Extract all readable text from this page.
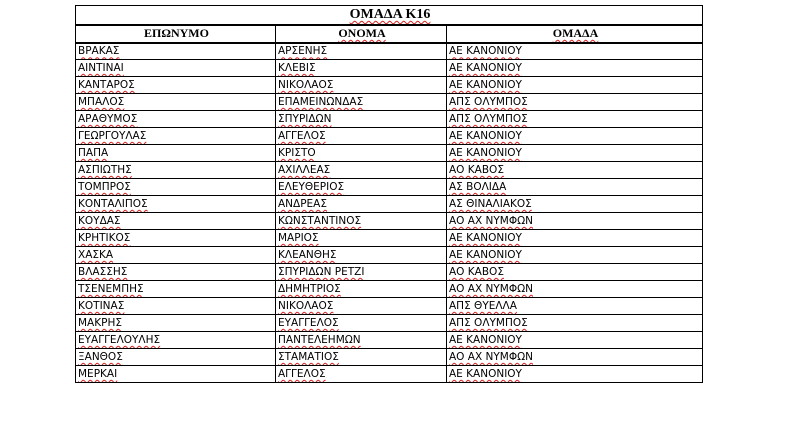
ΟΜΑΔΑ Κ16		
ΕΠΩΝΥΜΟ	ΟΝΟΜΑ	ΟΜΑΔΑ
ΒΡΑΚΑΣ	ΑΡΣΕΝΗΣ	ΑΕ ΚΑΝΟΝΙΟΥ
ΑΙΝΤΙΝΑΙ	ΚΛΕΒΙΣ	ΑΕ ΚΑΝΟΝΙΟΥ
ΚΑΝΤΑΡΟΣ	ΝΙΚΟΛΑΟΣ	ΑΕ ΚΑΝΟΝΙΟΥ
ΜΠΑΛΟΣ	ΕΠΑΜΕΙΝΩΝΔΑΣ	ΑΠΣ ΟΛΥΜΠΟΣ
ΑΡΑΘΥΜΟΣ	ΣΠΥΡΙΔΩΝ	ΑΠΣ ΟΛΥΜΠΟΣ
ΓΕΩΡΓΟΥΛΑΣ	ΑΓΓΕΛΟΣ	ΑΕ ΚΑΝΟΝΙΟΥ
ΠΑΠΑ	ΚΡΙΣΤΟ	ΑΕ ΚΑΝΟΝΙΟΥ
ΑΣΠΙΩΤΗΣ	ΑΧΙΛΛΕΑΣ	ΑΟ ΚΑΒΟΣ
ΤΟΜΠΡΟΣ	ΕΛΕΥΘΕΡΙΟΣ	ΑΣ ΒΟΛΙΔΑ
ΚΟΝΤΑΛΙΠΟΣ	ΑΝΔΡΕΑΣ	ΑΣ ΘΙΝΑΛΙΑΚΟΣ
ΚΟΥΔΑΣ	ΚΩΝΣΤΑΝΤΙΝΟΣ	ΑΟ ΑΧ ΝΥΜΦΩΝ
ΚΡΗΤΙΚΟΣ	ΜΑΡΙΟΣ	ΑΕ ΚΑΝΟΝΙΟΥ
ΧΑΣΚΑ	ΚΛΕΑΝΘΗΣ	ΑΕ ΚΑΝΟΝΙΟΥ
ΒΛΑΣΣΗΣ	ΣΠΥΡΙΔΩΝ ΡΕΤΖΙ	ΑΟ ΚΑΒΟΣ
ΤΣΕΝΕΜΠΗΣ	ΔΗΜΗΤΡΙΟΣ	ΑΟ ΑΧ ΝΥΜΦΩΝ
ΚΟΤΙΝΑΣ	ΝΙΚΟΛΑΟΣ	ΑΠΣ ΘΥΕΛΛΑ
ΜΑΚΡΗΣ	ΕΥΑΓΓΕΛΟΣ	ΑΠΣ ΟΛΥΜΠΟΣ
ΕΥΑΓΓΕΛΟΥΛΗΣ	ΠΑΝΤΕΛΕΗΜΩΝ	ΑΕ ΚΑΝΟΝΙΟΥ
ΞΑΝΘΟΣ	ΣΤΑΜΑΤΙΟΣ	ΑΟ ΑΧ ΝΥΜΦΩΝ
ΜΕΡΚΑΙ	ΑΓΓΕΛΟΣ	ΑΕ ΚΑΝΟΝΙΟΥ
